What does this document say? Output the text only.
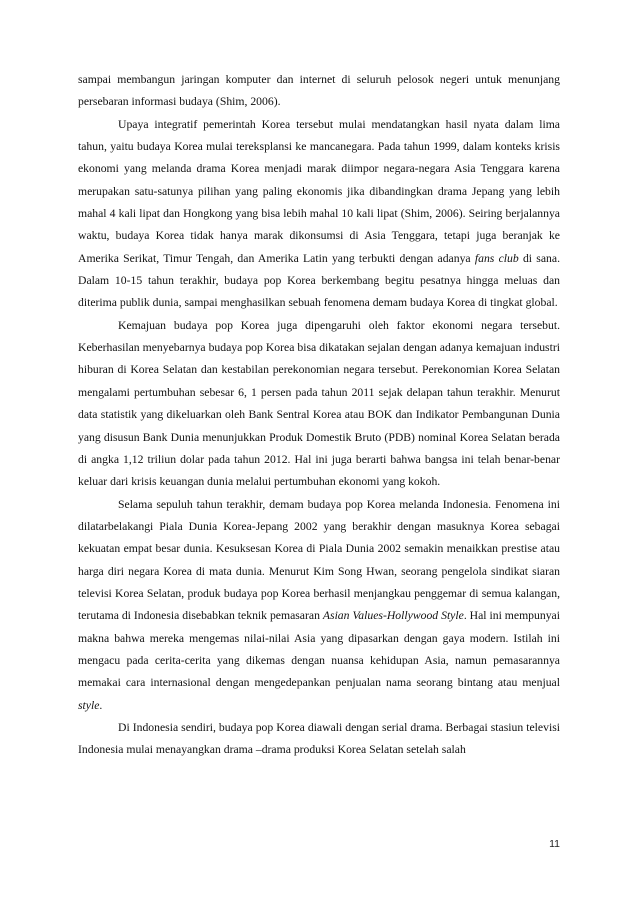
sampai membangun jaringan komputer dan internet di seluruh pelosok negeri untuk menunjang persebaran informasi budaya (Shim, 2006).

Upaya integratif pemerintah Korea tersebut mulai mendatangkan hasil nyata dalam lima tahun, yaitu budaya Korea mulai tereksplansi ke mancanegara. Pada tahun 1999, dalam konteks krisis ekonomi yang melanda drama Korea menjadi marak diimpor negara-negara Asia Tenggara karena merupakan satu-satunya pilihan yang paling ekonomis jika dibandingkan drama Jepang yang lebih mahal 4 kali lipat dan Hongkong yang bisa lebih mahal 10 kali lipat (Shim, 2006). Seiring berjalannya waktu, budaya Korea tidak hanya marak dikonsumsi di Asia Tenggara, tetapi juga beranjak ke Amerika Serikat, Timur Tengah, dan Amerika Latin yang terbukti dengan adanya fans club di sana. Dalam 10-15 tahun terakhir, budaya pop Korea berkembang begitu pesatnya hingga meluas dan diterima publik dunia, sampai menghasilkan sebuah fenomena demam budaya Korea di tingkat global.

Kemajuan budaya pop Korea juga dipengaruhi oleh faktor ekonomi negara tersebut. Keberhasilan menyebarnya budaya pop Korea bisa dikatakan sejalan dengan adanya kemajuan industri hiburan di Korea Selatan dan kestabilan perekonomian negara tersebut. Perekonomian Korea Selatan mengalami pertumbuhan sebesar 6, 1 persen pada tahun 2011 sejak delapan tahun terakhir. Menurut data statistik yang dikeluarkan oleh Bank Sentral Korea atau BOK dan Indikator Pembangunan Dunia yang disusun Bank Dunia menunjukkan Produk Domestik Bruto (PDB) nominal Korea Selatan berada di angka 1,12 triliun dolar pada tahun 2012. Hal ini juga berarti bahwa bangsa ini telah benar-benar keluar dari krisis keuangan dunia melalui pertumbuhan ekonomi yang kokoh.

Selama sepuluh tahun terakhir, demam budaya pop Korea melanda Indonesia. Fenomena ini dilatarbelakangi Piala Dunia Korea-Jepang 2002 yang berakhir dengan masuknya Korea sebagai kekuatan empat besar dunia. Kesuksesan Korea di Piala Dunia 2002 semakin menaikkan prestise atau harga diri negara Korea di mata dunia. Menurut Kim Song Hwan, seorang pengelola sindikat siaran televisi Korea Selatan, produk budaya pop Korea berhasil menjangkau penggemar di semua kalangan, terutama di Indonesia disebabkan teknik pemasaran Asian Values-Hollywood Style. Hal ini mempunyai makna bahwa mereka mengemas nilai-nilai Asia yang dipasarkan dengan gaya modern. Istilah ini mengacu pada cerita-cerita yang dikemas dengan nuansa kehidupan Asia, namun pemasarannya memakai cara internasional dengan mengedepankan penjualan nama seorang bintang atau menjual style.

Di Indonesia sendiri, budaya pop Korea diawali dengan serial drama. Berbagai stasiun televisi Indonesia mulai menayangkan drama –drama produksi Korea Selatan setelah salah

11
